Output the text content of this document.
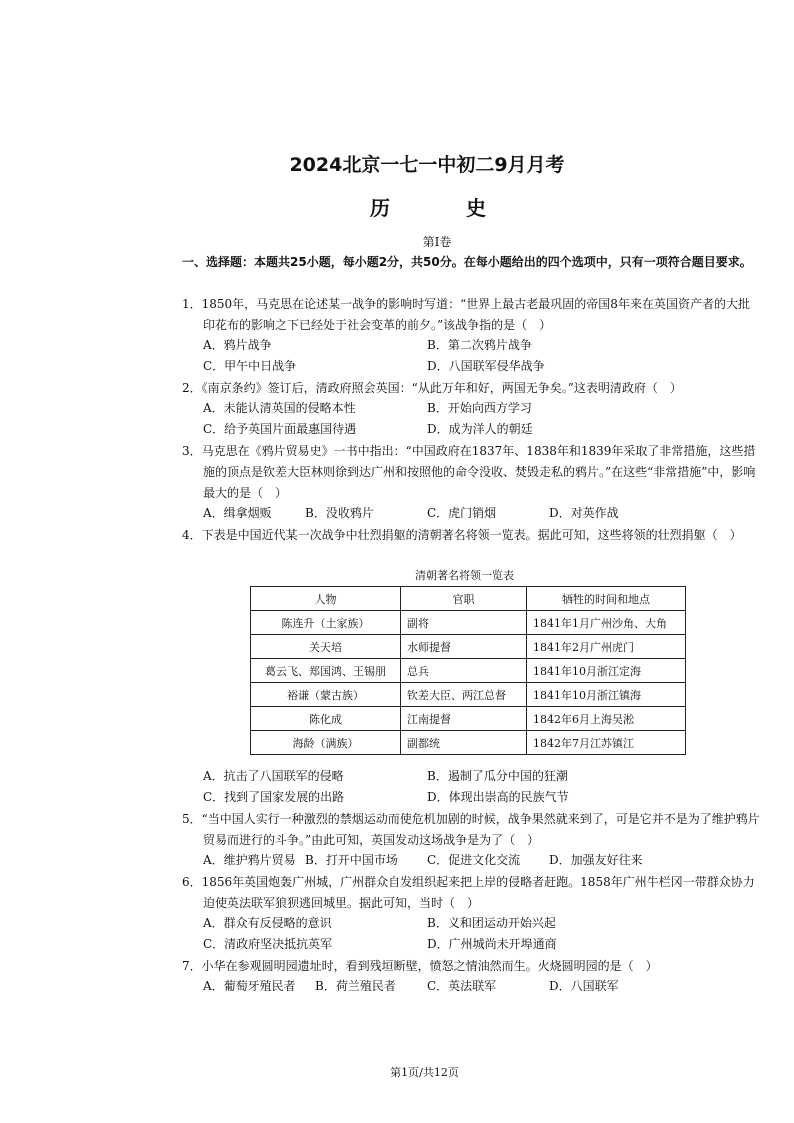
2024北京一七一中初二9月月考
历　史
第I卷
一、选择题：本题共25小题，每小题2分，共50分。在每小题给出的四个选项中，只有一项符合题目要求。
1．1850年，马克思在论述某一战争的影响时写道：“世界上最古老最巩固的帝国8年来在英国资产者的大批印花布的影响之下已经处于社会变革的前夕。”该战争指的是（　）
A．鸦片战争	B．第二次鸦片战争
C．甲午中日战争	D．八国联军侵华战争
2．《南京条约》签订后，清政府照会英国：“从此万年和好，两国无争矣。”这表明清政府（　）
A．未能认清英国的侵略本性	B．开始向西方学习
C．给予英国片面最惠国待遇	D．成为洋人的朝廷
3．马克思在《鸦片贸易史》一书中指出：“中国政府在1837年、1838年和1839年采取了非常措施，这些措施的顶点是钦差大臣林则徐到达广州和按照他的命令没收、焚毁走私的鸦片。”在这些“非常措施”中，影响最大的是（　）
A．缉拿烟贩	B．没收鸦片	C．虎门销烟	D．对英作战
4．下表是中国近代某一次战争中壮烈捐躯的清朝著名将领一览表。据此可知，这些将领的壮烈捐躯（　）
清朝著名将领一览表
人物	官职	牺牲的时间和地点
陈连升（土家族）	副将	1841年1月广州沙角、大角
关天培	水师提督	1841年2月广州虎门
葛云飞、郑国鸿、王锡朋	总兵	1841年10月浙江定海
裕谦（蒙古族）	钦差大臣、两江总督	1841年10月浙江镇海
陈化成	江南提督	1842年6月上海吴淞
海龄（满族）	副都统	1842年7月江苏镇江
A．抗击了八国联军的侵略	B．遏制了瓜分中国的狂潮
C．找到了国家发展的出路	D．体现出崇高的民族气节
5．“当中国人实行一种激烈的禁烟运动而使危机加剧的时候，战争果然就来到了，可是它并不是为了维护鸦片贸易而进行的斗争。”由此可知，英国发动这场战争是为了（　）
A．维护鸦片贸易 B．打开中国市场 C．促进文化交流 D．加强友好往来
6．1856年英国炮轰广州城，广州群众自发组织起来把上岸的侵略者赶跑。1858年广州牛栏冈一带群众协力迫使英法联军狼狈逃回城里。据此可知，当时（　）
A．群众有反侵略的意识	B．义和团运动开始兴起
C．清政府坚决抵抗英军	D．广州城尚未开埠通商
7．小华在参观圆明园遗址时，看到残垣断壁，愤怒之情油然而生。火烧圆明园的是（　）
A．葡萄牙殖民者 B．荷兰殖民者	C．英法联军	D．八国联军
第1页/共12页
